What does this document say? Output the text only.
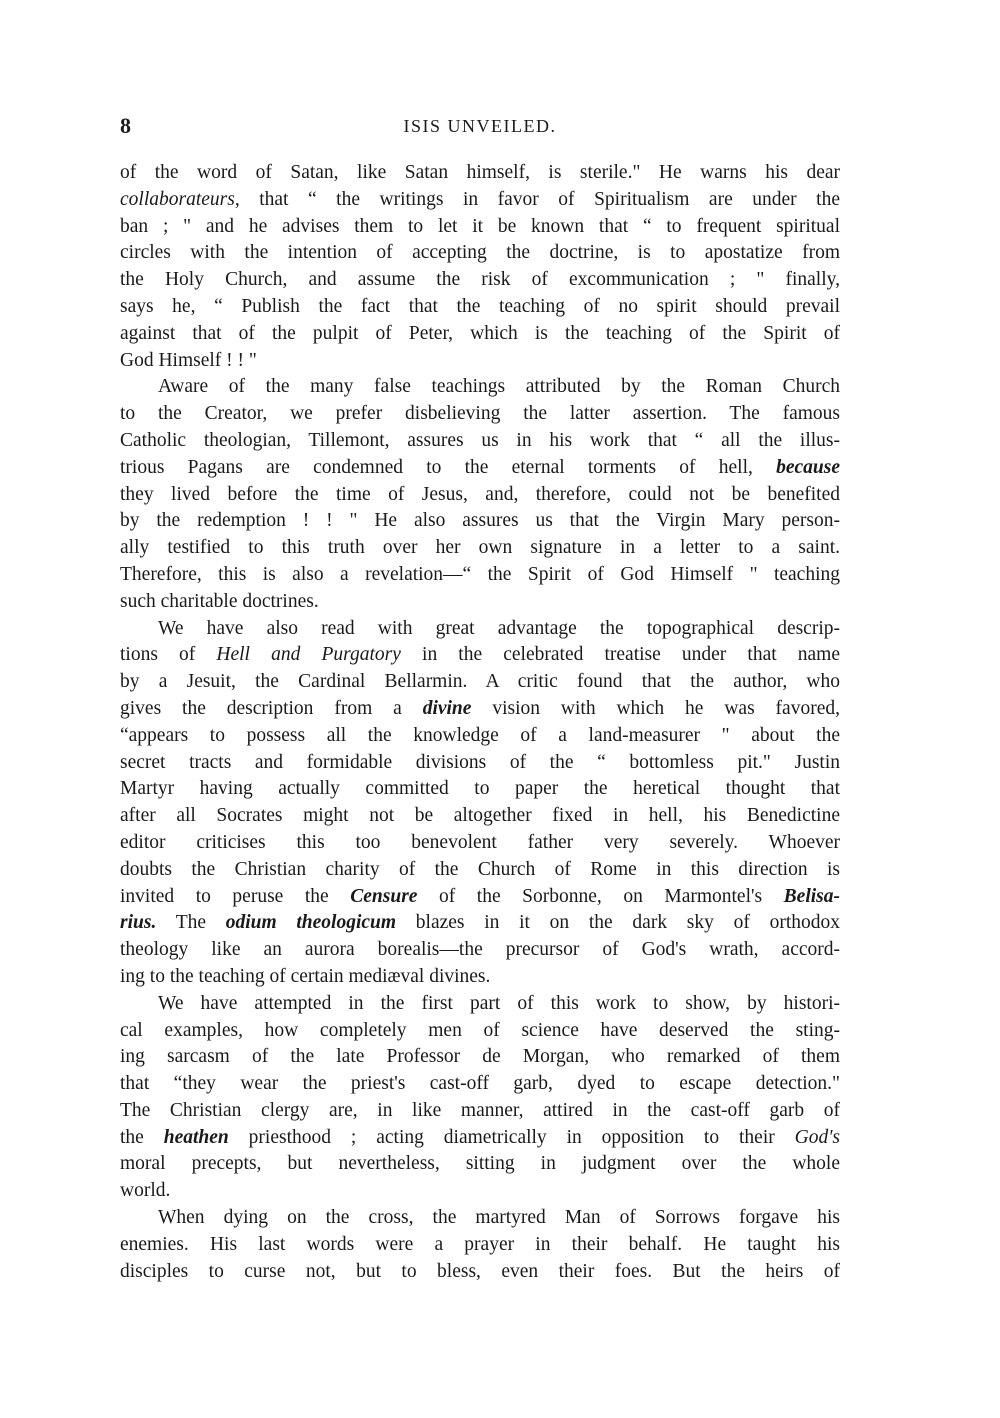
8	ISIS UNVEILED.
of the word of Satan, like Satan himself, is sterile." He warns his dear
collaborateurs, that “ the writings in favor of Spiritualism are under the
ban ; " and he advises them to let it be known that “ to frequent spiritual
circles with the intention of accepting the doctrine, is to apostatize from
the Holy Church, and assume the risk of excommunication ; " finally,
says he, “ Publish the fact that the teaching of no spirit should prevail
against that of the pulpit of Peter, which is the teaching of the Spirit of
God Himself ! ! "
Aware of the many false teachings attributed by the Roman Church
to the Creator, we prefer disbelieving the latter assertion. The famous
Catholic theologian, Tillemont, assures us in his work that “ all the illus-
trious Pagans are condemned to the eternal torments of hell, because
they lived before the time of Jesus, and, therefore, could not be benefited
by the redemption ! ! " He also assures us that the Virgin Mary person-
ally testified to this truth over her own signature in a letter to a saint.
Therefore, this is also a revelation—“ the Spirit of God Himself " teaching
such charitable doctrines.
We have also read with great advantage the topographical descrip-
tions of Hell and Purgatory in the celebrated treatise under that name
by a Jesuit, the Cardinal Bellarmin. A critic found that the author, who
gives the description from a divine vision with which he was favored,
“appears to possess all the knowledge of a land-measurer " about the
secret tracts and formidable divisions of the “ bottomless pit." Justin
Martyr having actually committed to paper the heretical thought that
after all Socrates might not be altogether fixed in hell, his Benedictine
editor criticises this too benevolent father very severely. Whoever
doubts the Christian charity of the Church of Rome in this direction is
invited to peruse the Censure of the Sorbonne, on Marmontel's Belisa-
rius. The odium theologicum blazes in it on the dark sky of orthodox
theology like an aurora borealis—the precursor of God's wrath, accord-
ing to the teaching of certain mediæval divines.
We have attempted in the first part of this work to show, by histori-
cal examples, how completely men of science have deserved the sting-
ing sarcasm of the late Professor de Morgan, who remarked of them
that “they wear the priest's cast-off garb, dyed to escape detection."
The Christian clergy are, in like manner, attired in the cast-off garb of
the heathen priesthood ; acting diametrically in opposition to their God's
moral precepts, but nevertheless, sitting in judgment over the whole
world.
When dying on the cross, the martyred Man of Sorrows forgave his
enemies. His last words were a prayer in their behalf. He taught his
disciples to curse not, but to bless, even their foes. But the heirs of
